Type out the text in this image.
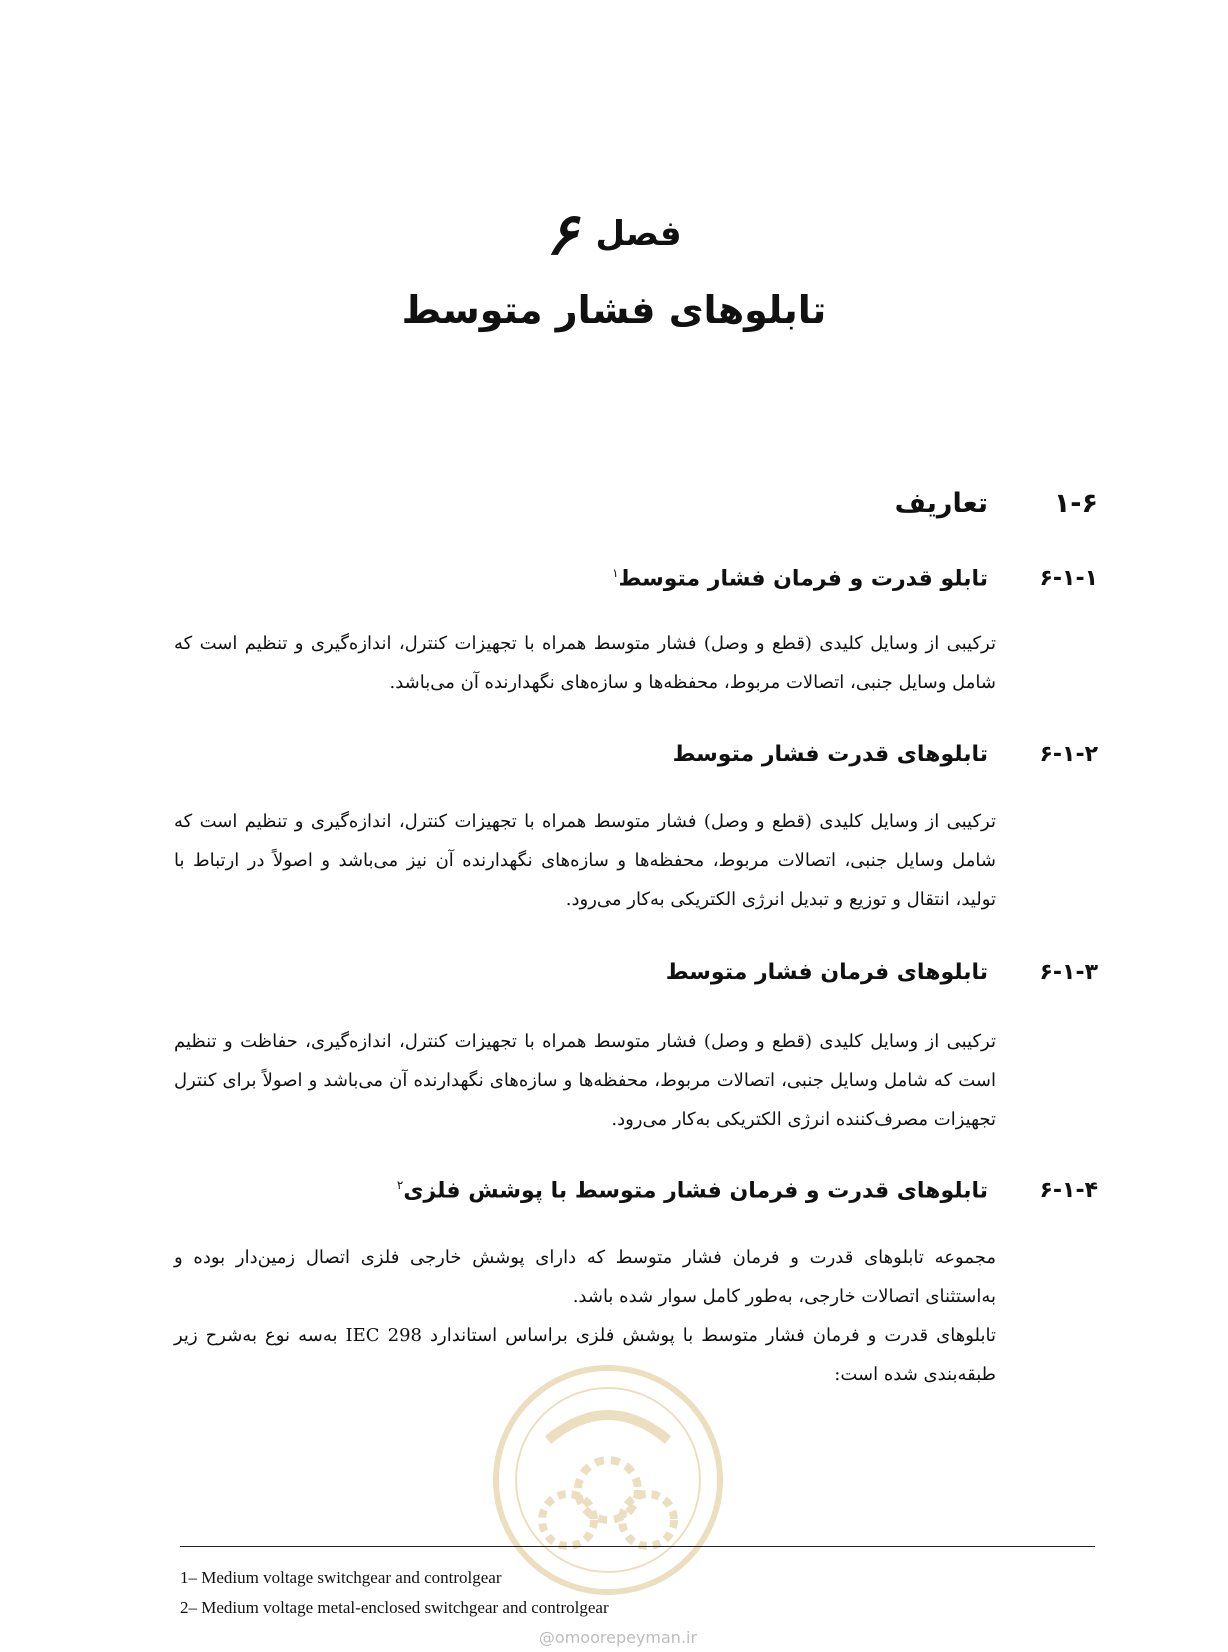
فصل۶
تابلوهای فشار متوسط
۱-۶تعاریف
۶-۱-۱تابلو قدرت و فرمان فشار متوسط$^۱$

ترکیبی از وسایل کلیدی (قطع و وصل) فشار متوسط همراه با تجهیزات کنترل، اندازه‌گیری و تنظیم است که شامل وسایل جنبی، اتصالات مربوط، محفظه‌ها و سازه‌های نگهدارنده آن می‌باشد.

۶-۱-۲تابلوهای قدرت فشار متوسط

ترکیبی از وسایل کلیدی (قطع و وصل) فشار متوسط همراه با تجهیزات کنترل، اندازه‌گیری و تنظیم است که شامل وسایل جنبی، اتصالات مربوط، محفظه‌ها و سازه‌های نگهدارنده آن نیز می‌باشد و اصولاً در ارتباط با تولید، انتقال و توزیع و تبدیل انرژی الکتریکی به‌کار می‌رود.

۶-۱-۳تابلوهای فرمان فشار متوسط

ترکیبی از وسایل کلیدی (قطع و وصل) فشار متوسط همراه با تجهیزات کنترل، اندازه‌گیری، حفاظت و تنظیم است که شامل وسایل جنبی، اتصالات مربوط، محفظه‌ها و سازه‌های نگهدارنده آن می‌باشد و اصولاً برای کنترل تجهیزات مصرف‌کننده انرژی الکتریکی به‌کار می‌رود.

۶-۱-۴تابلوهای قدرت و فرمان فشار متوسط با پوشش فلزی$^۲$

مجموعه تابلوهای قدرت و فرمان فشار متوسط که دارای پوشش خارجی فلزی اتصال زمین‌دار بوده و به‌استثنای اتصالات خارجی، به‌طور کامل سوار شده باشد.

تابلوهای قدرت و فرمان فشار متوسط با پوشش فلزی براساس استاندارد IEC 298 به‌سه نوع به‌شرح زیر طبقه‌بندی شده است:

1– Medium voltage switchgear and controlgear
2– Medium voltage metal-enclosed switchgear and controlgear
@omoorepeyman.ir
